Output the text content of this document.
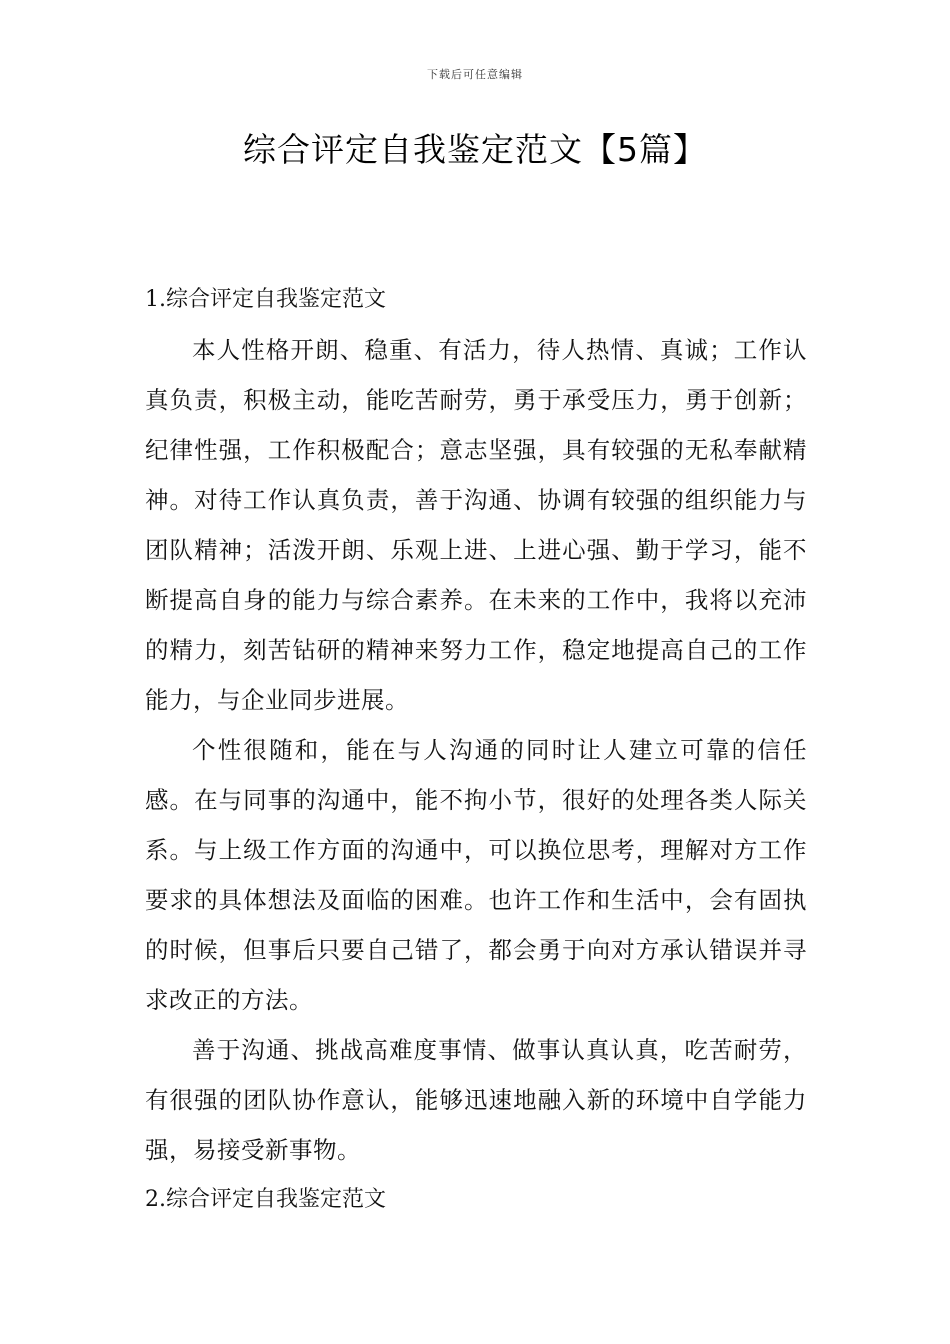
下载后可任意编辑
综合评定自我鉴定范文【5篇】
1.综合评定自我鉴定范文

本人性格开朗、稳重、有活力，待人热情、真诚；工作认真负责，积极主动，能吃苦耐劳，勇于承受压力，勇于创新；纪律性强，工作积极配合；意志坚强，具有较强的无私奉献精神。对待工作认真负责，善于沟通、协调有较强的组织能力与团队精神；活泼开朗、乐观上进、上进心强、勤于学习，能不断提高自身的能力与综合素养。在未来的工作中，我将以充沛的精力，刻苦钻研的精神来努力工作，稳定地提高自己的工作能力，与企业同步进展。

个性很随和，能在与人沟通的同时让人建立可靠的信任感。在与同事的沟通中，能不拘小节，很好的处理各类人际关系。与上级工作方面的沟通中，可以换位思考，理解对方工作要求的具体想法及面临的困难。也许工作和生活中，会有固执的时候，但事后只要自己错了，都会勇于向对方承认错误并寻求改正的方法。

善于沟通、挑战高难度事情、做事认真认真，吃苦耐劳，有很强的团队协作意认，能够迅速地融入新的环境中自学能力强，易接受新事物。

2.综合评定自我鉴定范文
